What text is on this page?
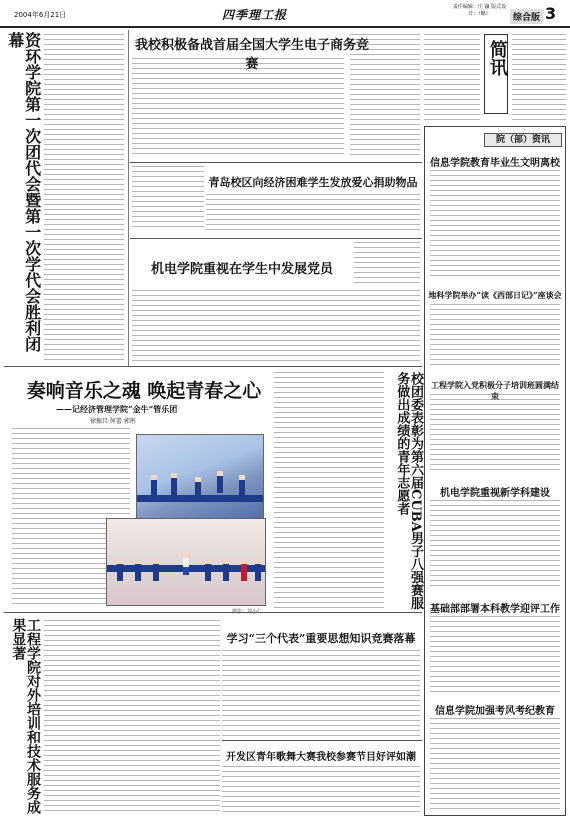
2004年6月21日	四季理工报
责任编辑：庄 瀛 版式设计：（略）	综合版 3
资环学院第一次团代会暨第一次学代会胜利闭幕	我校积极备战首届全国大学生电子商务竞赛
青岛校区向经济困难学生发放爱心捐助物品
机电学院重视在学生中发展党员
奏响音乐之魂 唤起青春之心
——记经济管理学院“金牛”管乐团
徐振昌 何蕾 郭彤	校团委表彰为第六届CUBA男子八强赛服务做出成绩的青年志愿者
工程学院对外培训和技术服务成果显著	学习“三个代表”重要思想知识竞赛落幕
开发区青年歌舞大赛我校参赛节目好评如潮
简讯
院（部）资讯
信息学院教育毕业生文明离校
地科学院举办“读《西部日记》”座谈会
工程学院入党积极分子培训班圆满结束
机电学院重视新学科建设
基础部部署本科教学迎评工作
信息学院加强考风考纪教育
